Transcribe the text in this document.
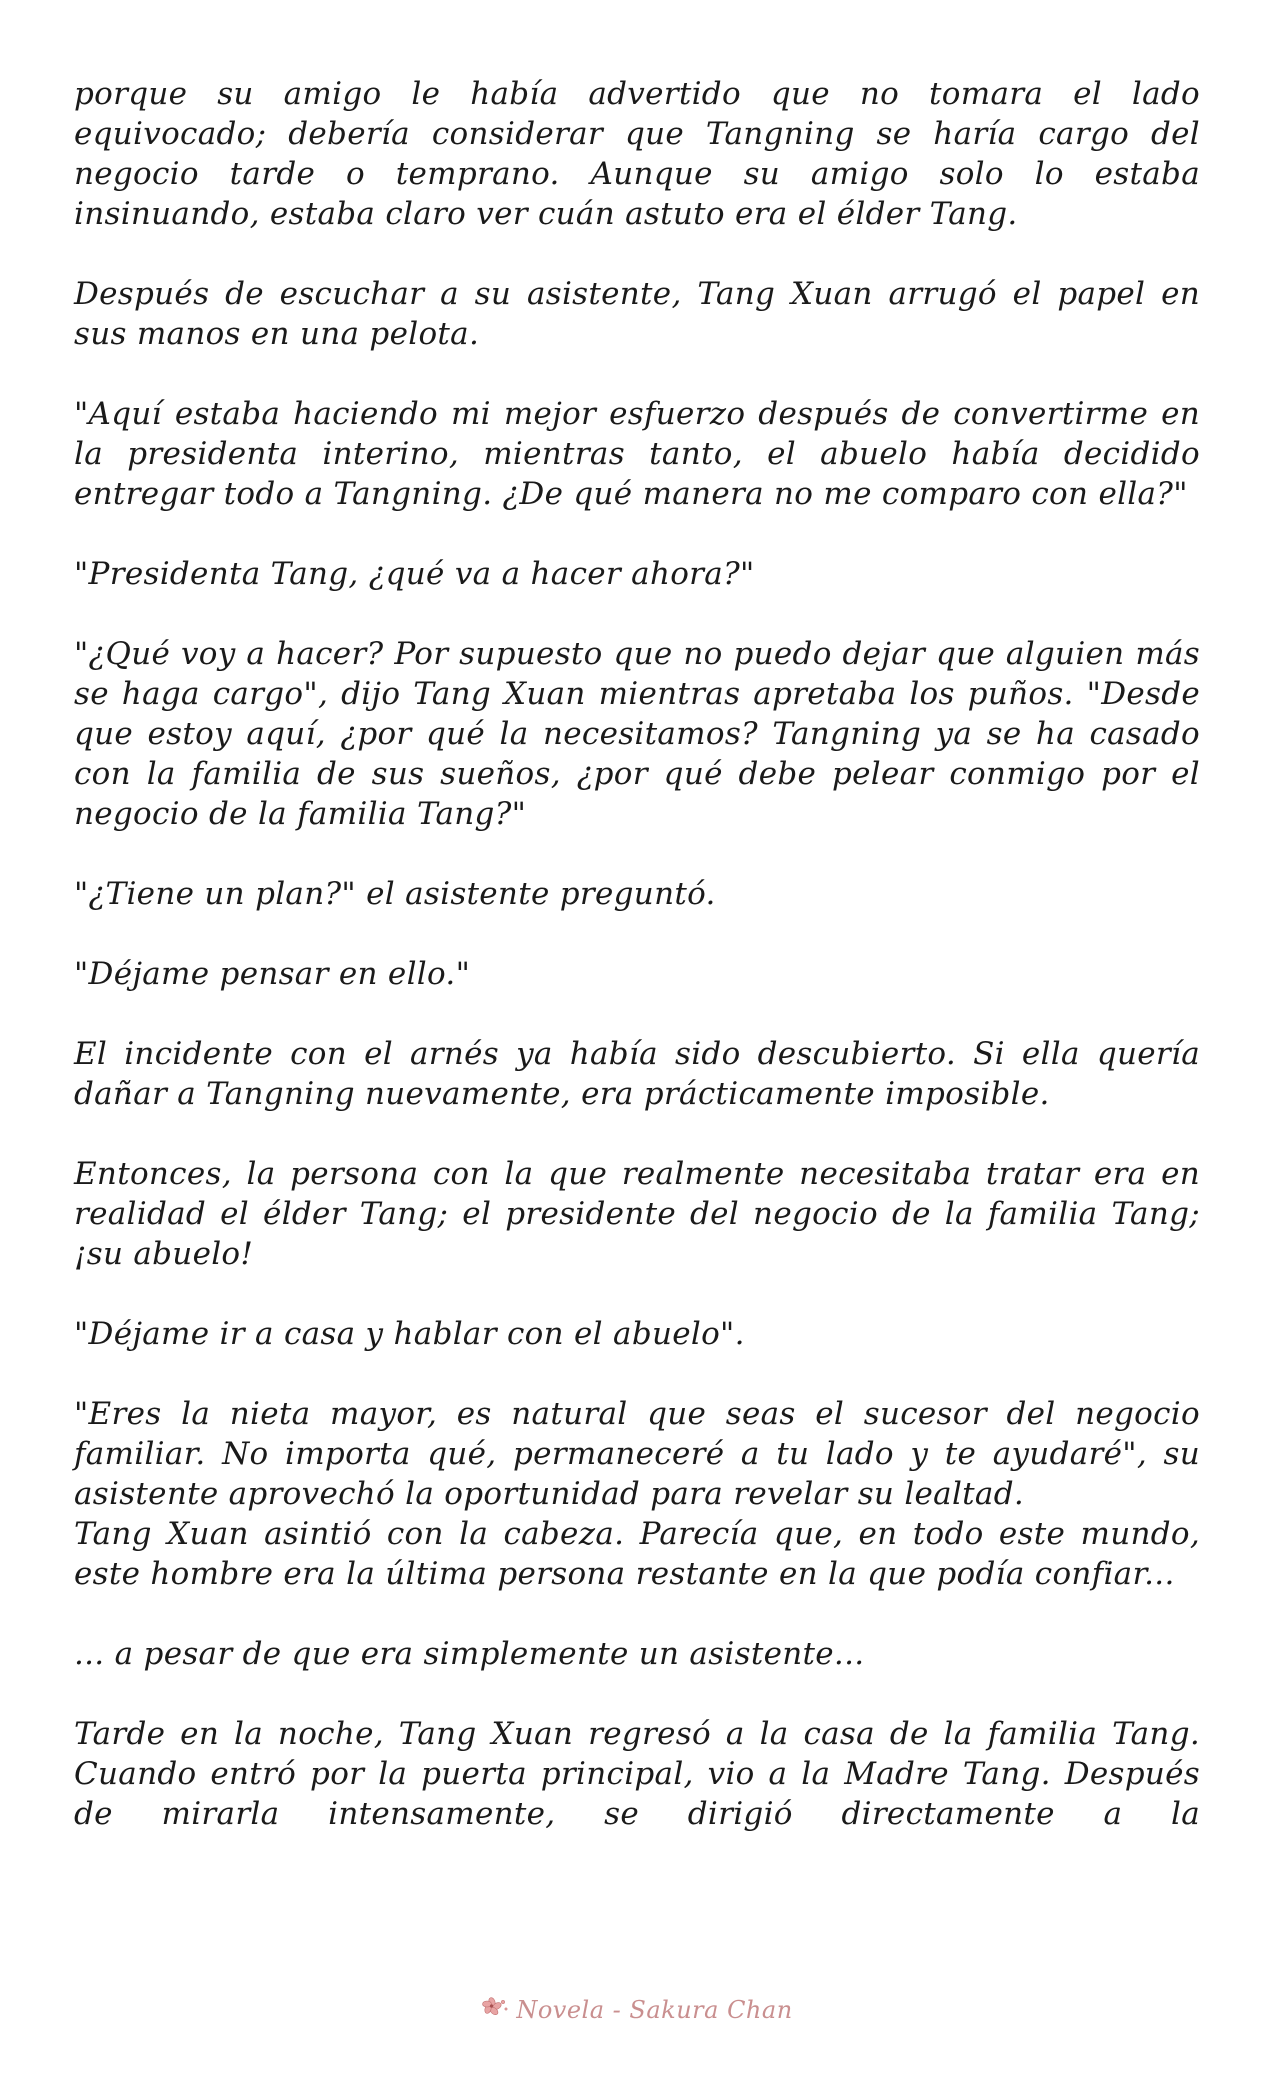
porque su amigo le había advertido que no tomara el lado equivocado; debería considerar que Tangning se haría cargo del negocio tarde o temprano. Aunque su amigo solo lo estaba insinuando, estaba claro ver cuán astuto era el élder Tang.

Después de escuchar a su asistente, Tang Xuan arrugó el papel en sus manos en una pelota.

"Aquí estaba haciendo mi mejor esfuerzo después de convertirme en la presidenta interino, mientras tanto, el abuelo había decidido entregar todo a Tangning. ¿De qué manera no me comparo con ella?"

"Presidenta Tang, ¿qué va a hacer ahora?"

"¿Qué voy a hacer? Por supuesto que no puedo dejar que alguien más se haga cargo", dijo Tang Xuan mientras apretaba los puños. "Desde que estoy aquí, ¿por qué la necesitamos? Tangning ya se ha casado con la familia de sus sueños, ¿por qué debe pelear conmigo por el negocio de la familia Tang?"

"¿Tiene un plan?" el asistente preguntó.

"Déjame pensar en ello."

El incidente con el arnés ya había sido descubierto. Si ella quería dañar a Tangning nuevamente, era prácticamente imposible.

Entonces, la persona con la que realmente necesitaba tratar era en realidad el élder Tang; el presidente del negocio de la familia Tang; ¡su abuelo!

"Déjame ir a casa y hablar con el abuelo".

"Eres la nieta mayor, es natural que seas el sucesor del negocio familiar. No importa qué, permaneceré a tu lado y te ayudaré", su asistente aprovechó la oportunidad para revelar su lealtad.

Tang Xuan asintió con la cabeza. Parecía que, en todo este mundo, este hombre era la última persona restante en la que podía confiar...

... a pesar de que era simplemente un asistente...

Tarde en la noche, Tang Xuan regresó a la casa de la familia Tang. Cuando entró por la puerta principal, vio a la Madre Tang. Después de mirarla intensamente, se dirigió directamente a la

Novela - Sakura Chan
